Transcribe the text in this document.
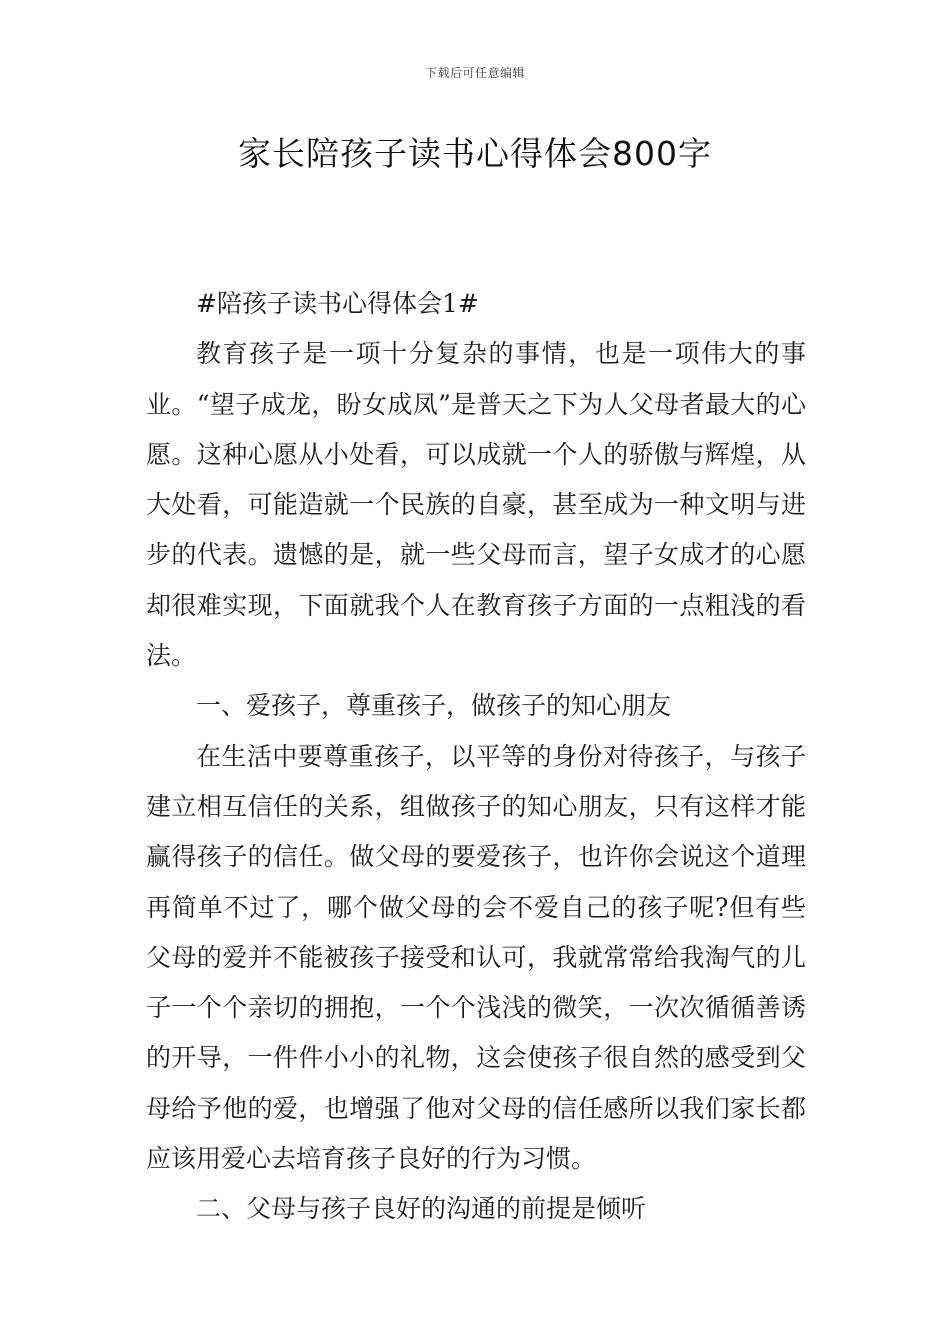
下载后可任意编辑
家长陪孩子读书心得体会800字

#陪孩子读书心得体会1#

教育孩子是一项十分复杂的事情，也是一项伟大的事业。“望子成龙，盼女成凤”是普天之下为人父母者最大的心愿。这种心愿从小处看，可以成就一个人的骄傲与辉煌，从大处看，可能造就一个民族的自豪，甚至成为一种文明与进步的代表。遗憾的是，就一些父母而言，望子女成才的心愿却很难实现，下面就我个人在教育孩子方面的一点粗浅的看法。

一、爱孩子，尊重孩子，做孩子的知心朋友

在生活中要尊重孩子，以平等的身份对待孩子，与孩子建立相互信任的关系，组做孩子的知心朋友，只有这样才能赢得孩子的信任。做父母的要爱孩子，也许你会说这个道理再简单不过了，哪个做父母的会不爱自己的孩子呢?但有些父母的爱并不能被孩子接受和认可，我就常常给我淘气的儿子一个个亲切的拥抱，一个个浅浅的微笑，一次次循循善诱的开导，一件件小小的礼物，这会使孩子很自然的感受到父母给予他的爱，也增强了他对父母的信任感所以我们家长都应该用爱心去培育孩子良好的行为习惯。

二、父母与孩子良好的沟通的前提是倾听
